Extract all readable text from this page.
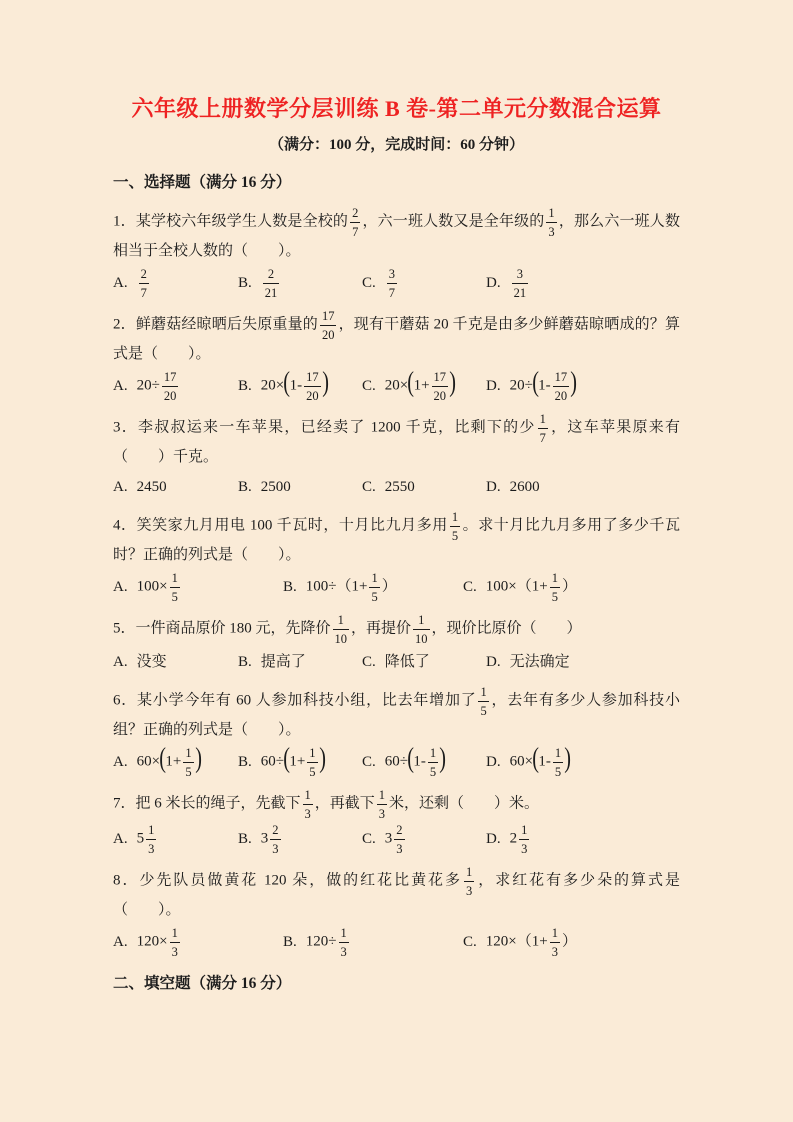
六年级上册数学分层训练 B 卷-第二单元分数混合运算

（满分：100 分，完成时间：60 分钟）

一、选择题（满分 16 分）

1．某学校六年级学生人数是全校的 $\frac{2}{7}$ ，六一班人数又是全年级的 $\frac{1}{3}$ ，那么六一班人数相当于全校人数的（　　）。

A. $\frac{2}{7}$	B. $\frac{2}{21}$	C. $\frac{3}{7}$	D. $\frac{3}{21}$

2．鲜蘑菇经晾晒后失原重量的 $\frac{17}{20}$ ，现有干蘑菇 20 千克是由多少鲜蘑菇晾晒成的？算式是（　　）。

A. $20\div \frac{17}{20}$	B. $20\times(1- \frac{17}{20}$ )	C. $20\times(1+ \frac{17}{20}$ )	D. $20\div(1- \frac{17}{20}$ )

3．李叔叔运来一车苹果，已经卖了 1200 千克，比剩下的少 $\frac{1}{7}$ ，这车苹果原来有（　　）千克。

A. 2450	B. 2500	C. 2550	D. 2600

4．笑笑家九月用电 100 千瓦时，十月比九月多用 $\frac{1}{5}$ 。求十月比九月多用了多少千瓦时？正确的列式是（　　）。

A. $100\times \frac{1}{5}$	B. $100\div(1+ \frac{1}{5}$ ）	C. $100\times(1+ \frac{1}{5}$ ）

5．一件商品原价 180 元，先降价 $\frac{1}{10}$ ，再提价 $\frac{1}{10}$ ，现价比原价（　　）

A. 没变	B. 提高了	C. 降低了	D. 无法确定

6．某小学今年有 60 人参加科技小组，比去年增加了 $\frac{1}{5}$ ，去年有多少人参加科技小组？正确的列式是（　　）。

A. $60\times(1+ \frac{1}{5}$ )	B. $60\div(1+ \frac{1}{5}$ )	C. $60\div(1- \frac{1}{5}$ )	D. $60\times(1- \frac{1}{5}$ )

7．把 6 米长的绳子，先截下 $\frac{1}{3}$ ，再截下 $\frac{1}{3}$ 米，还剩（　　）米。

A. $5 \frac{1}{3}$	B. $3 \frac{2}{3}$	C. $3 \frac{2}{3}$	D. $2 \frac{1}{3}$

8．少先队员做黄花 120 朵，做的红花比黄花多 $\frac{1}{3}$ ，求红花有多少朵的算式是（　　）。

A. $120\times \frac{1}{3}$	B. $120\div \frac{1}{3}$	C. $120\times(1+ \frac{1}{3}$ ）
二、填空题（满分 16 分）
